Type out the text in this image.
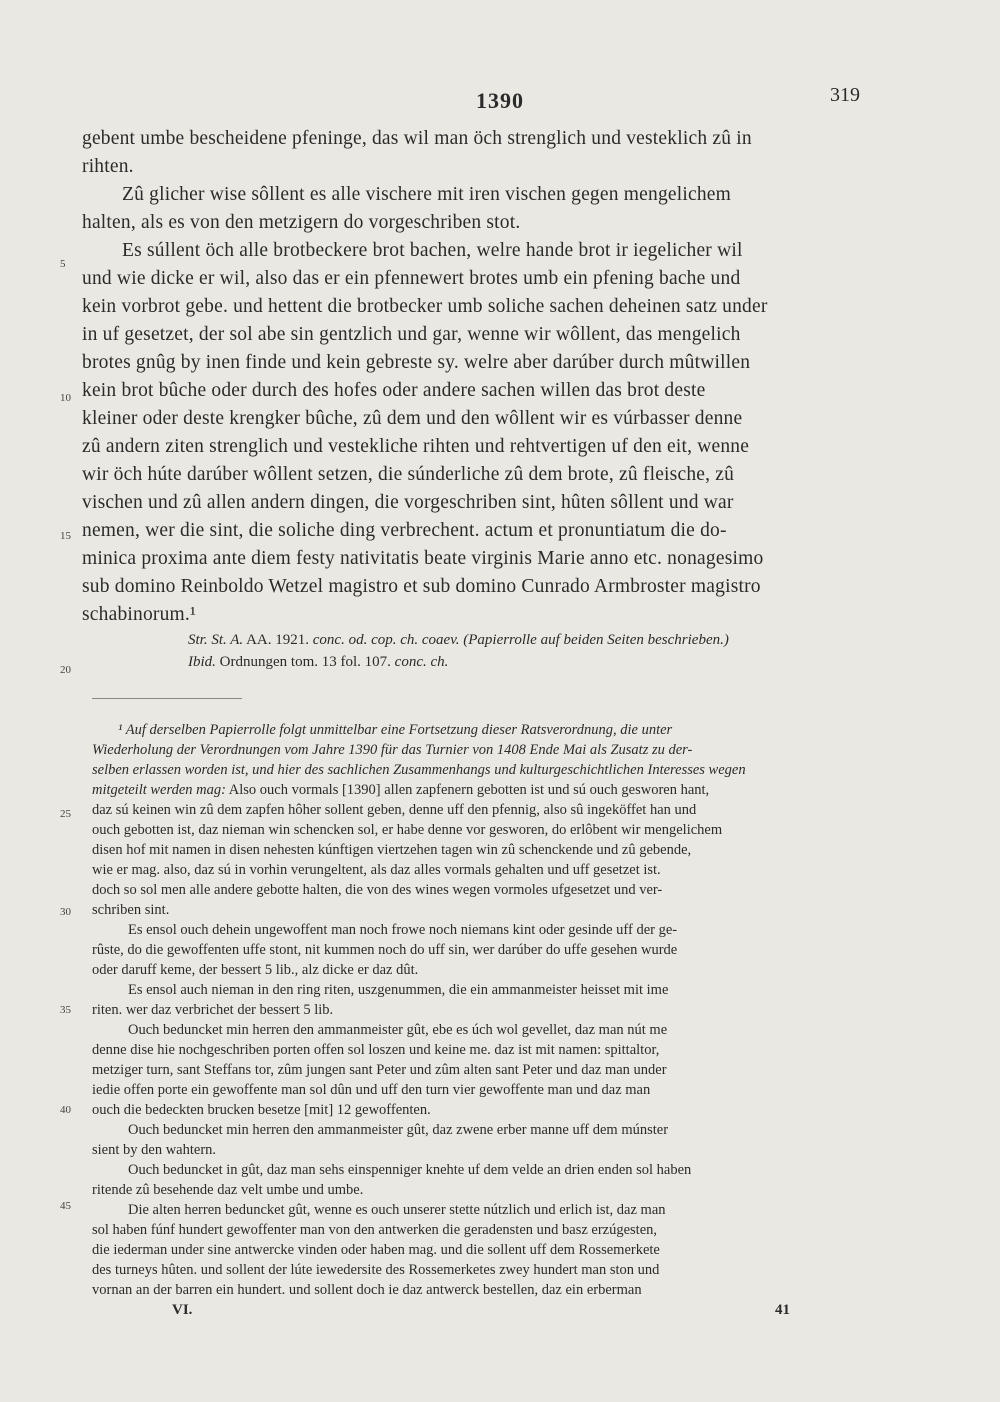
1390	319
gebent umbe bescheidene pfeninge, das wil man öch strenglich und vesteklich zû in
rihten.
Zû glicher wise sôllent es alle vischere mit iren vischen gegen mengelichem
halten, als es von den metzigern do vorgeschriben stot.
Es súllent öch alle brotbeckere brot bachen, welre hande brot ir iegelicher wil
und wie dicke er wil, also das er ein pfennewert brotes umb ein pfening bache und
kein vorbrot gebe. und hettent die brotbecker umb soliche sachen deheinen satz under
in uf gesetzet, der sol abe sin gentzlich und gar, wenne wir wôllent, das mengelich
brotes gnûg by inen finde und kein gebreste sy. welre aber darúber durch mûtwillen
kein brot bûche oder durch des hofes oder andere sachen willen das brot deste
kleiner oder deste krengker bûche, zû dem und den wôllent wir es vúrbasser denne
zû andern ziten strenglich und vestekliche rihten und rehtvertigen uf den eit, wenne
wir öch húte darúber wôllent setzen, die súnderliche zû dem brote, zû fleische, zû
vischen und zû allen andern dingen, die vorgeschriben sint, hûten sôllent und war
nemen, wer die sint, die soliche ding verbrechent. actum et pronuntiatum die do-
minica proxima ante diem festy nativitatis beate virginis Marie anno etc. nonagesimo
sub domino Reinboldo Wetzel magistro et sub domino Cunrado Armbroster magistro
schabinorum.¹
5
10
15
20
Str. St. A. AA. 1921. conc. od. cop. ch. coaev. (Papierrolle auf beiden Seiten beschrieben.)
Ibid. Ordnungen tom. 13 fol. 107. conc. ch.
¹ Auf derselben Papierrolle folgt unmittelbar eine Fortsetzung dieser Ratsverordnung, die unter
Wiederholung der Verordnungen vom Jahre 1390 für das Turnier von 1408 Ende Mai als Zusatz zu der-
selben erlassen worden ist, und hier des sachlichen Zusammenhangs und kulturgeschichtlichen Interesses wegen
mitgeteilt werden mag: Also ouch vormals [1390] allen zapfenern gebotten ist und sú ouch gesworen hant,
daz sú keinen win zû dem zapfen hôher sollent geben, denne uff den pfennig, also sû ingeköffet han und
ouch gebotten ist, daz nieman win schencken sol, er habe denne vor gesworen, do erlôbent wir mengelichem
disen hof mit namen in disen nehesten kúnftigen viertzehen tagen win zû schenckende und zû gebende,
wie er mag. also, daz sú in vorhin verungeltent, als daz alles vormals gehalten und uff gesetzet ist.
doch so sol men alle andere gebotte halten, die von des wines wegen vormoles ufgesetzet und ver-
schriben sint.
Es ensol ouch dehein ungewoffent man noch frowe noch niemans kint oder gesinde uff der ge-
rûste, do die gewoffenten uffe stont, nit kummen noch do uff sin, wer darúber do uffe gesehen wurde
oder daruff keme, der bessert 5 lib., alz dicke er daz dût.
Es ensol auch nieman in den ring riten, uszgenummen, die ein ammanmeister heisset mit ime
riten. wer daz verbrichet der bessert 5 lib.
Ouch beduncket min herren den ammanmeister gût, ebe es úch wol gevellet, daz man nút me
denne dise hie nochgeschriben porten offen sol loszen und keine me. daz ist mit namen: spittaltor,
metziger turn, sant Steffans tor, zûm jungen sant Peter und zûm alten sant Peter und daz man under
iedie offen porte ein gewoffente man sol dûn und uff den turn vier gewoffente man und daz man
ouch die bedeckten brucken besetze [mit] 12 gewoffenten.
Ouch beduncket min herren den ammanmeister gût, daz zwene erber manne uff dem múnster
sient by den wahtern.
Ouch beduncket in gût, daz man sehs einspenniger knehte uf dem velde an drien enden sol haben
ritende zû besehende daz velt umbe und umbe.
Die alten herren beduncket gût, wenne es ouch unserer stette nútzlich und erlich ist, daz man
sol haben fúnf hundert gewoffenter man von den antwerken die geradensten und basz erzúgesten,
die iederman under sine antwercke vinden oder haben mag. und die sollent uff dem Rossemerkete
des turneys hûten. und sollent der lúte iewedersite des Rossemerketes zwey hundert man ston und
vornan an der barren ein hundert. und sollent doch ie daz antwerck bestellen, daz ein erberman
25
30
35
40
45
VI.	41
